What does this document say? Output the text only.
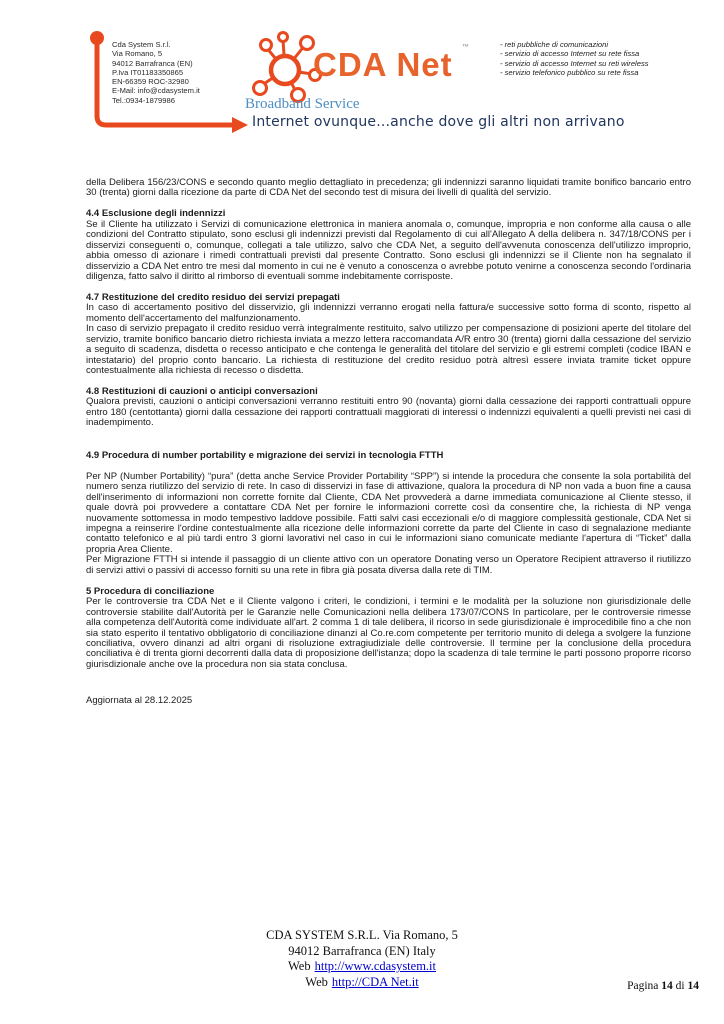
Cda System S.r.l.
Via Romano, 5
94012 Barrafranca (EN)
P.Iva IT01183350865
EN-66359 ROC-32980
E-Mail: info@cdasystem.it
Tel.:0934-1879986
CDA Net ™
Broadband Service
Internet ovunque...anche dove gli altri non arrivano
- reti pubbliche di comunicazioni
- servizio di accesso Internet su rete fissa
- servizio di accesso Internet su reti wireless
- servizio telefonico pubblico su rete fissa

della Delibera 156/23/CONS e secondo quanto meglio dettagliato in precedenza; gli indennizzi saranno liquidati tramite bonifico bancario entro 30 (trenta) giorni dalla ricezione da parte di CDA Net del secondo test di misura dei livelli di qualità del servizio.

4.4 Esclusione degli indennizzi

Se il Cliente ha utilizzato i Servizi di comunicazione elettronica in maniera anomala o, comunque, impropria e non conforme alla causa o alle condizioni del Contratto stipulato, sono esclusi gli indennizzi previsti dal Regolamento di cui all'Allegato A della delibera n. 347/18/CONS per i disservizi conseguenti o, comunque, collegati a tale utilizzo, salvo che CDA Net, a seguito dell'avvenuta conoscenza dell'utilizzo improprio, abbia omesso di azionare i rimedi contrattuali previsti dal presente Contratto. Sono esclusi gli indennizzi se il Cliente non ha segnalato il disservizio a CDA Net entro tre mesi dal momento in cui ne è venuto a conoscenza o avrebbe potuto venirne a conoscenza secondo l'ordinaria diligenza, fatto salvo il diritto al rimborso di eventuali somme indebitamente corrisposte.

4.7 Restituzione del credito residuo dei servizi prepagati

In caso di accertamento positivo del disservizio, gli indennizzi verranno erogati nella fattura/e successive sotto forma di sconto, rispetto al momento dell'accertamento del malfunzionamento.

In caso di servizio prepagato il credito residuo verrà integralmente restituito, salvo utilizzo per compensazione di posizioni aperte del titolare del servizio, tramite bonifico bancario dietro richiesta inviata a mezzo lettera raccomandata A/R entro 30 (trenta) giorni dalla cessazione del servizio a seguito di scadenza, disdetta o recesso anticipato e che contenga le generalità del titolare del servizio e gli estremi completi (codice IBAN e intestatario) del proprio conto bancario. La richiesta di restituzione del credito residuo potrà altresì essere inviata tramite ticket oppure contestualmente alla richiesta di recesso o disdetta.

4.8 Restituzioni di cauzioni o anticipi conversazioni

Qualora previsti, cauzioni o anticipi conversazioni verranno restituiti entro 90 (novanta) giorni dalla cessazione dei rapporti contrattuali oppure entro 180 (centottanta) giorni dalla cessazione dei rapporti contrattuali maggiorati di interessi o indennizzi equivalenti a quelli previsti nei casi di inadempimento.

4.9 Procedura di number portability e migrazione dei servizi in tecnologia FTTH

Per NP (Number Portability) “pura” (detta anche Service Provider Portability “SPP”) si intende la procedura che consente la sola portabilità del numero senza riutilizzo del servizio di rete. In caso di disservizi in fase di attivazione, qualora la procedura di NP non vada a buon fine a causa dell'inserimento di informazioni non corrette fornite dal Cliente, CDA Net provvederà a darne immediata comunicazione al Cliente stesso, il quale dovrà poi provvedere a contattare CDA Net per fornire le informazioni corrette così da consentire che, la richiesta di NP venga nuovamente sottomessa in modo tempestivo laddove possibile. Fatti salvi casi eccezionali e/o di maggiore complessità gestionale, CDA Net si impegna a reinserire l'ordine contestualmente alla ricezione delle informazioni corrette da parte del Cliente in caso di segnalazione mediante contatto telefonico e al più tardi entro 3 giorni lavorativi nel caso in cui le informazioni siano comunicate mediante l'apertura di “Ticket” dalla propria Area Cliente.

Per Migrazione FTTH si intende il passaggio di un cliente attivo con un operatore Donating verso un Operatore Recipient attraverso il riutilizzo di servizi attivi o passivi di accesso forniti su una rete in fibra già posata diversa dalla rete di TIM.

5 Procedura di conciliazione

Per le controversie tra CDA Net e il Cliente valgono i criteri, le condizioni, i termini e le modalità per la soluzione non giurisdizionale delle controversie stabilite dall'Autorità per le Garanzie nelle Comunicazioni nella delibera 173/07/CONS In particolare, per le controversie rimesse alla competenza dell'Autorità come individuate all'art. 2 comma 1 di tale delibera, il ricorso in sede giurisdizionale è improcedibile fino a che non sia stato esperito il tentativo obbligatorio di conciliazione dinanzi al Co.re.com competente per territorio munito di delega a svolgere la funzione conciliativa, ovvero dinanzi ad altri organi di risoluzione extragiudiziale delle controversie. Il termine per la conclusione della procedura conciliativa è di trenta giorni decorrenti dalla data di proposizione dell'istanza; dopo la scadenza di tale termine le parti possono proporre ricorso giurisdizionale anche ove la procedura non sia stata conclusa.

Aggiornata al 28.12.2025

CDA SYSTEM S.R.L. Via Romano, 5
94012 Barrafranca (EN) Italy
Web http://www.cdasystem.it
Web http://CDA Net.it	Pagina 14 di 14
